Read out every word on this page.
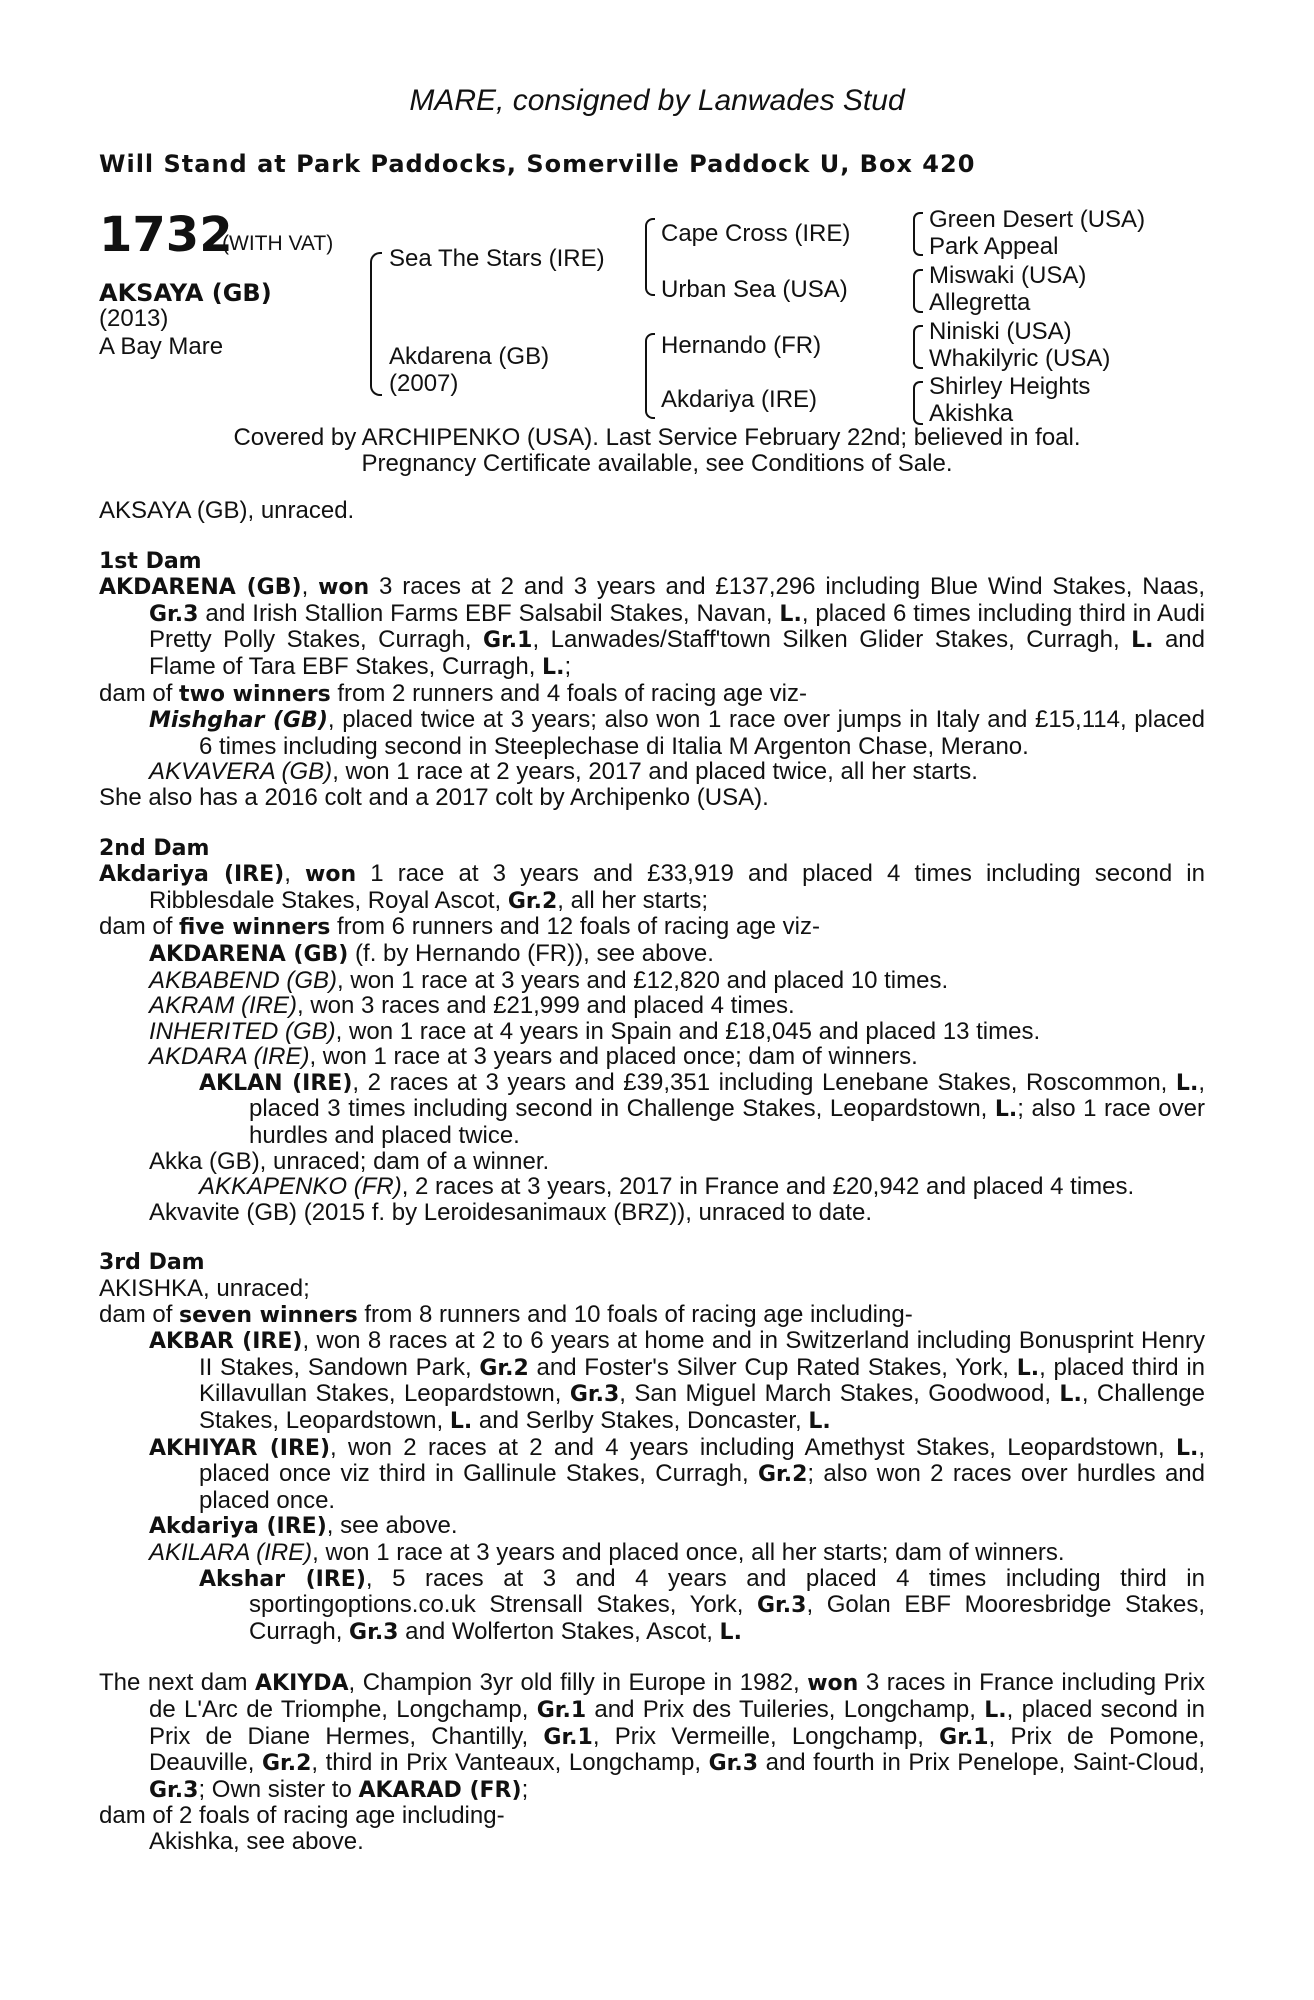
MARE, consigned by Lanwades Stud
Will Stand at Park Paddocks, Somerville Paddock U, Box 420
1732
(WITH VAT)
AKSAYA (GB)
(2013)
A Bay Mare
Sea The Stars (IRE)
Akdarena (GB)
(2007)
Cape Cross (IRE)
Urban Sea (USA)
Hernando (FR)
Akdariya (IRE)
Green Desert (USA)
Park Appeal
Miswaki (USA)
Allegretta
Niniski (USA)
Whakilyric (USA)
Shirley Heights
Akishka
Covered by ARCHIPENKO (USA). Last Service February 22nd; believed in foal.
Pregnancy Certificate available, see Conditions of Sale.

AKSAYA (GB), unraced.

1st Dam

AKDARENA (GB), won 3 races at 2 and 3 years and £137,296 including Blue Wind Stakes, Naas, Gr.3 and Irish Stallion Farms EBF Salsabil Stakes, Navan, L., placed 6 times including third in Audi Pretty Polly Stakes, Curragh, Gr.1, Lanwades/Staff'town Silken Glider Stakes, Curragh, L. and Flame of Tara EBF Stakes, Curragh, L.;

dam of two winners from 2 runners and 4 foals of racing age viz-

Mishghar (GB), placed twice at 3 years; also won 1 race over jumps in Italy and £15,114, placed 6 times including second in Steeplechase di Italia M Argenton Chase, Merano.

AKVAVERA (GB), won 1 race at 2 years, 2017 and placed twice, all her starts.

She also has a 2016 colt and a 2017 colt by Archipenko (USA).

2nd Dam

Akdariya (IRE), won 1 race at 3 years and £33,919 and placed 4 times including second in Ribblesdale Stakes, Royal Ascot, Gr.2, all her starts;

dam of five winners from 6 runners and 12 foals of racing age viz-

AKDARENA (GB) (f. by Hernando (FR)), see above.

AKBABEND (GB), won 1 race at 3 years and £12,820 and placed 10 times.

AKRAM (IRE), won 3 races and £21,999 and placed 4 times.

INHERITED (GB), won 1 race at 4 years in Spain and £18,045 and placed 13 times.

AKDARA (IRE), won 1 race at 3 years and placed once; dam of winners.

AKLAN (IRE), 2 races at 3 years and £39,351 including Lenebane Stakes, Roscommon, L., placed 3 times including second in Challenge Stakes, Leopardstown, L.; also 1 race over hurdles and placed twice.

Akka (GB), unraced; dam of a winner.

AKKAPENKO (FR), 2 races at 3 years, 2017 in France and £20,942 and placed 4 times.

Akvavite (GB) (2015 f. by Leroidesanimaux (BRZ)), unraced to date.

3rd Dam

AKISHKA, unraced;

dam of seven winners from 8 runners and 10 foals of racing age including-

AKBAR (IRE), won 8 races at 2 to 6 years at home and in Switzerland including Bonusprint Henry II Stakes, Sandown Park, Gr.2 and Foster's Silver Cup Rated Stakes, York, L., placed third in Killavullan Stakes, Leopardstown, Gr.3, San Miguel March Stakes, Goodwood, L., Challenge Stakes, Leopardstown, L. and Serlby Stakes, Doncaster, L.

AKHIYAR (IRE), won 2 races at 2 and 4 years including Amethyst Stakes, Leopardstown, L., placed once viz third in Gallinule Stakes, Curragh, Gr.2; also won 2 races over hurdles and placed once.

Akdariya (IRE), see above.

AKILARA (IRE), won 1 race at 3 years and placed once, all her starts; dam of winners.

Akshar (IRE), 5 races at 3 and 4 years and placed 4 times including third in sportingoptions.co.uk Strensall Stakes, York, Gr.3, Golan EBF Mooresbridge Stakes, Curragh, Gr.3 and Wolferton Stakes, Ascot, L.

The next dam AKIYDA, Champion 3yr old filly in Europe in 1982, won 3 races in France including Prix de L'Arc de Triomphe, Longchamp, Gr.1 and Prix des Tuileries, Longchamp, L., placed second in Prix de Diane Hermes, Chantilly, Gr.1, Prix Vermeille, Longchamp, Gr.1, Prix de Pomone, Deauville, Gr.2, third in Prix Vanteaux, Longchamp, Gr.3 and fourth in Prix Penelope, Saint-Cloud, Gr.3; Own sister to AKARAD (FR);

dam of 2 foals of racing age including-

Akishka, see above.
